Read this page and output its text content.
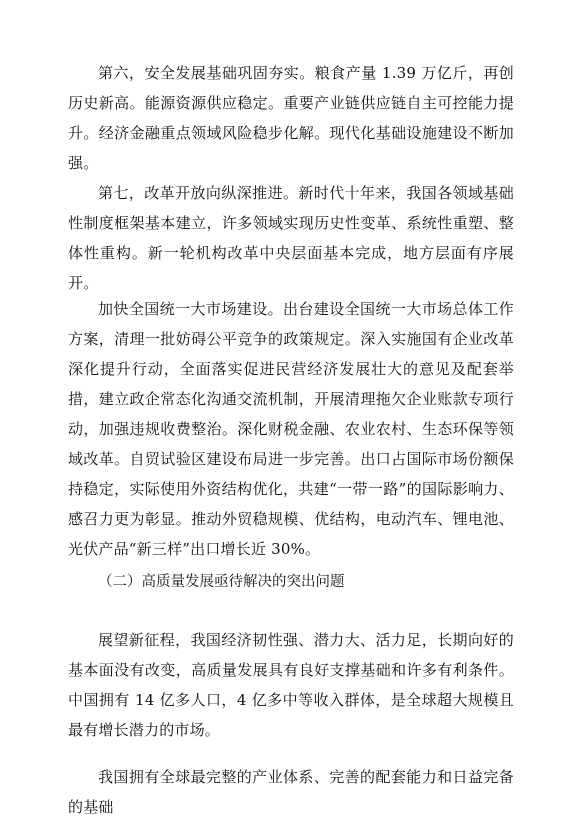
第六，安全发展基础巩固夯实。粮食产量 1.39 万亿斤，再创历史新高。能源资源供应稳定。重要产业链供应链自主可控能力提升。经济金融重点领域风险稳步化解。现代化基础设施建设不断加强。

第七，改革开放向纵深推进。新时代十年来，我国各领域基础性制度框架基本建立，许多领域实现历史性变革、系统性重塑、整体性重构。新一轮机构改革中央层面基本完成，地方层面有序展开。

加快全国统一大市场建设。出台建设全国统一大市场总体工作方案，清理一批妨碍公平竞争的政策规定。深入实施国有企业改革深化提升行动，全面落实促进民营经济发展壮大的意见及配套举措，建立政企常态化沟通交流机制，开展清理拖欠企业账款专项行动，加强违规收费整治。深化财税金融、农业农村、生态环保等领域改革。自贸试验区建设布局进一步完善。出口占国际市场份额保持稳定，实际使用外资结构优化，共建“一带一路”的国际影响力、感召力更为彰显。推动外贸稳规模、优结构，电动汽车、锂电池、光伏产品“新三样”出口增长近 30%。

（二）高质量发展亟待解决的突出问题

展望新征程，我国经济韧性强、潜力大、活力足，长期向好的基本面没有改变，高质量发展具有良好支撑基础和许多有利条件。中国拥有 14 亿多人口，4 亿多中等收入群体，是全球超大规模且最有增长潜力的市场。

我国拥有全球最完整的产业体系、完善的配套能力和日益完备的基础
